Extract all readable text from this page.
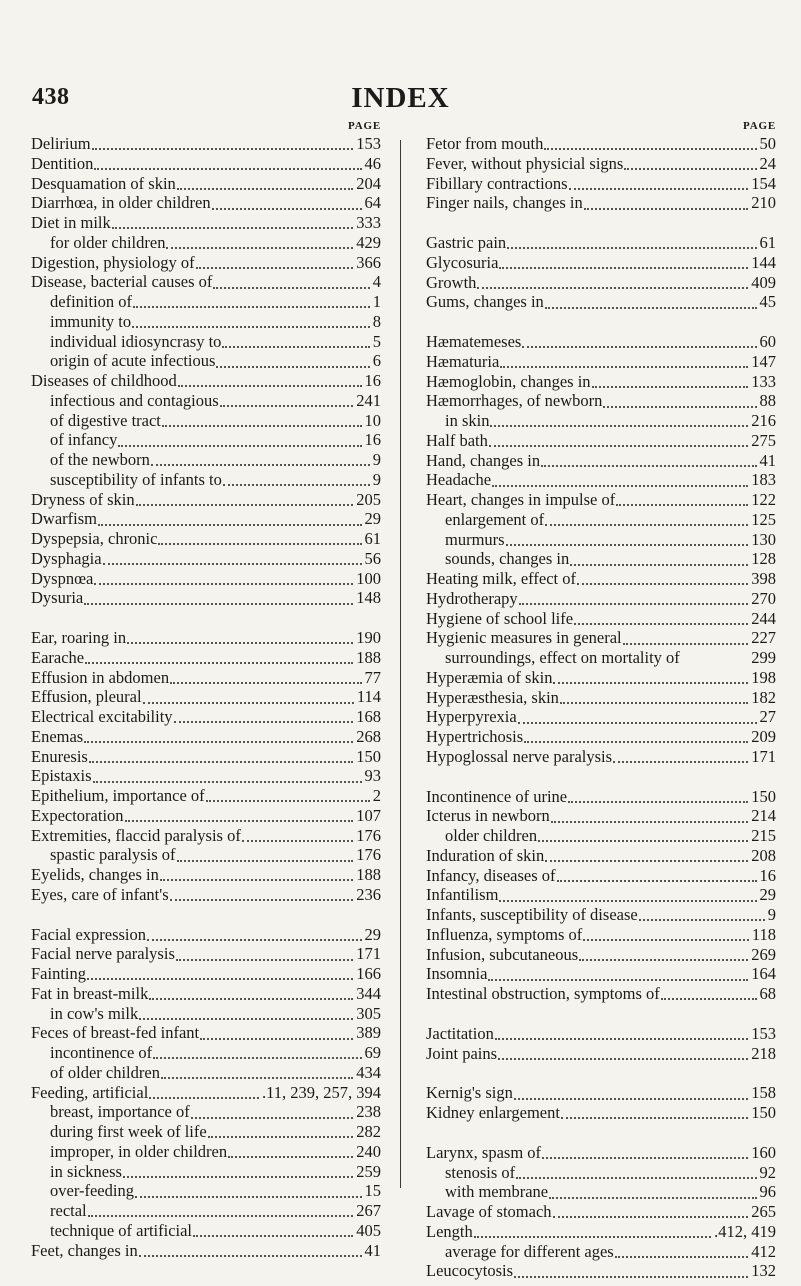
438	INDEX
PAGE
Delirium	153
Dentition	46
Desquamation of skin	204
Diarrhœa, in older children	64
Diet in milk	333
for older children	429
Digestion, physiology of	366
Disease, bacterial causes of	4
definition of	1
immunity to	8
individual idiosyncrasy to	5
origin of acute infectious	6
Diseases of childhood	16
infectious and contagious	241
of digestive tract	10
of infancy	16
of the newborn	9
susceptibility of infants to	9
Dryness of skin	205
Dwarfism	29
Dyspepsia, chronic	61
Dysphagia	56
Dyspnœa	100
Dysuria	148
Ear, roaring in	190
Earache	188
Effusion in abdomen	77
Effusion, pleural	114
Electrical excitability	168
Enemas	268
Enuresis	150
Epistaxis	93
Epithelium, importance of	2
Expectoration	107
Extremities, flaccid paralysis of	176
spastic paralysis of	176
Eyelids, changes in	188
Eyes, care of infant's	236
Facial expression	29
Facial nerve paralysis	171
Fainting	166
Fat in breast-milk	344
in cow's milk	305
Feces of breast-fed infant	389
incontinence of	69
of older children	434
Feeding, artificial	.11, 239, 257, 394
breast, importance of	238
during first week of life	282
improper, in older children	240
in sickness	259
over-feeding	15
rectal	267
technique of artificial	405
Feet, changes in	41
PAGE
Fetor from mouth	50
Fever, without physicial signs	24
Fibillary contractions	154
Finger nails, changes in	210
Gastric pain	61
Glycosuria	144
Growth	409
Gums, changes in	45
Hæmatemeses	60
Hæmaturia	147
Hæmoglobin, changes in	133
Hæmorrhages, of newborn	88
in skin	216
Half bath	275
Hand, changes in	41
Headache	183
Heart, changes in impulse of	122
enlargement of	125
murmurs	130
sounds, changes in	128
Heating milk, effect of	398
Hydrotherapy	270
Hygiene of school life	244
Hygienic measures in general	227
surroundings, effect on mortality of	299
Hyperæmia of skin	198
Hyperæsthesia, skin	182
Hyperpyrexia	27
Hypertrichosis	209
Hypoglossal nerve paralysis	171
Incontinence of urine	150
Icterus in newborn	214
older children	215
Induration of skin	208
Infancy, diseases of	16
Infantilism	29
Infants, susceptibility of disease	9
Influenza, symptoms of	118
Infusion, subcutaneous	269
Insomnia	164
Intestinal obstruction, symptoms of	68
Jactitation	153
Joint pains	218
Kernig's sign	158
Kidney enlargement	150
Larynx, spasm of	160
stenosis of	92
with membrane	96
Lavage of stomach	265
Length	.412, 419
average for different ages	412
Leucocytosis	132
